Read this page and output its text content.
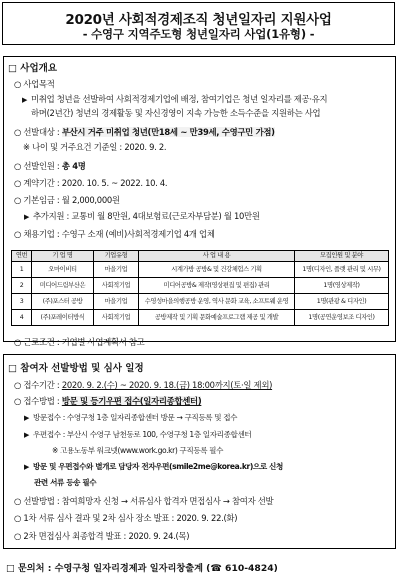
2020년 사회적경제조직 청년일자리 지원사업
- 수영구 지역주도형 청년일자리 사업(1유형) -
□ 사업개요
○ 사업목적
▶ 미취업 청년을 선발하여 사회적경제기업에 배정, 참여기업은 청년 일자리를 제공·유지
하며(2년간) 청년의 경제활동 및 자신경영이 지속 가능한 소득수준을 지원하는 사업
○ 선발대상 : 부산시 거주 미취업 청년(만18세 ~ 만39세, 수영구민 가점)
※ 나이 및 거주요건 기준일 : 2020. 9. 2.
○ 선발인원 : 총 4명
○ 계약기간 : 2020. 10. 5. ~ 2022. 10. 4.
○ 기본임금 : 월 2,000,000원
▶ 추가지원 : 교통비 월 8만원, 4대보험료(근로자부담분) 월 10만원
○ 채용기업 : 수영구 소재 (예비)사회적경제기업 4개 업체
○ 근로조건 : 기업별 사업계획서 참고
연번	기 업 명	기업유형	사 업 내 용	모집인원 및 분야
1	오마이비티	마을기업	시계가방 공방& 및 건강체험스 기획	1명(디자인, 플랫 관리 및 시무)
2	미디어드림부산은	사회적기업	미디어공방& 제작(영상편집 및 편집) 관리	1명(영상제작)
3	(주)포스터 공방	마을기업	수영성마을의행공방 운영, 역사 문화 교육, 소프트웨 운영	1명(관광 & 디자인)
4	(주)포레이터방식	사회적기업	공방제작 및 기획 문화예술프로그램 제공 및 개발	1명(공연운영보조 디자인)
□ 참여자 선발방법 및 심사 일정
○ 접수기간 : 2020. 9. 2.(수) ~ 2020. 9. 18.(금) 18:00까지(토·일 제외)
○ 접수방법 : 방문 및 등기우편 접수(일자리종합센터)
▶ 방문접수 : 수영구청 1층 일자리종합센터 방문 → 구직등록 및 접수
▶ 우편접수 : 부산시 수영구 남천동로 100, 수영구청 1층 일자리종합센터
※ 고용노동부 워크넷(www.work.go.kr) 구직등록 필수
▶ 방문 및 우편접수와 별개로 담당자 전자우편(smile2me@korea.kr)으로 신청
관련 서류 등송 필수
○ 선발방법 : 참여희망자 신청 → 서류심사 합격자 면접심사 → 참여자 선발
○ 1차 서류 심사 결과 및 2차 심사 장소 발표 : 2020. 9. 22.(화)
○ 2차 면접심사 최종합격 발표 : 2020. 9. 24.(목)
□ 문의처 : 수영구청 일자리경제과 일자리창출계 (☎ 610-4824)
